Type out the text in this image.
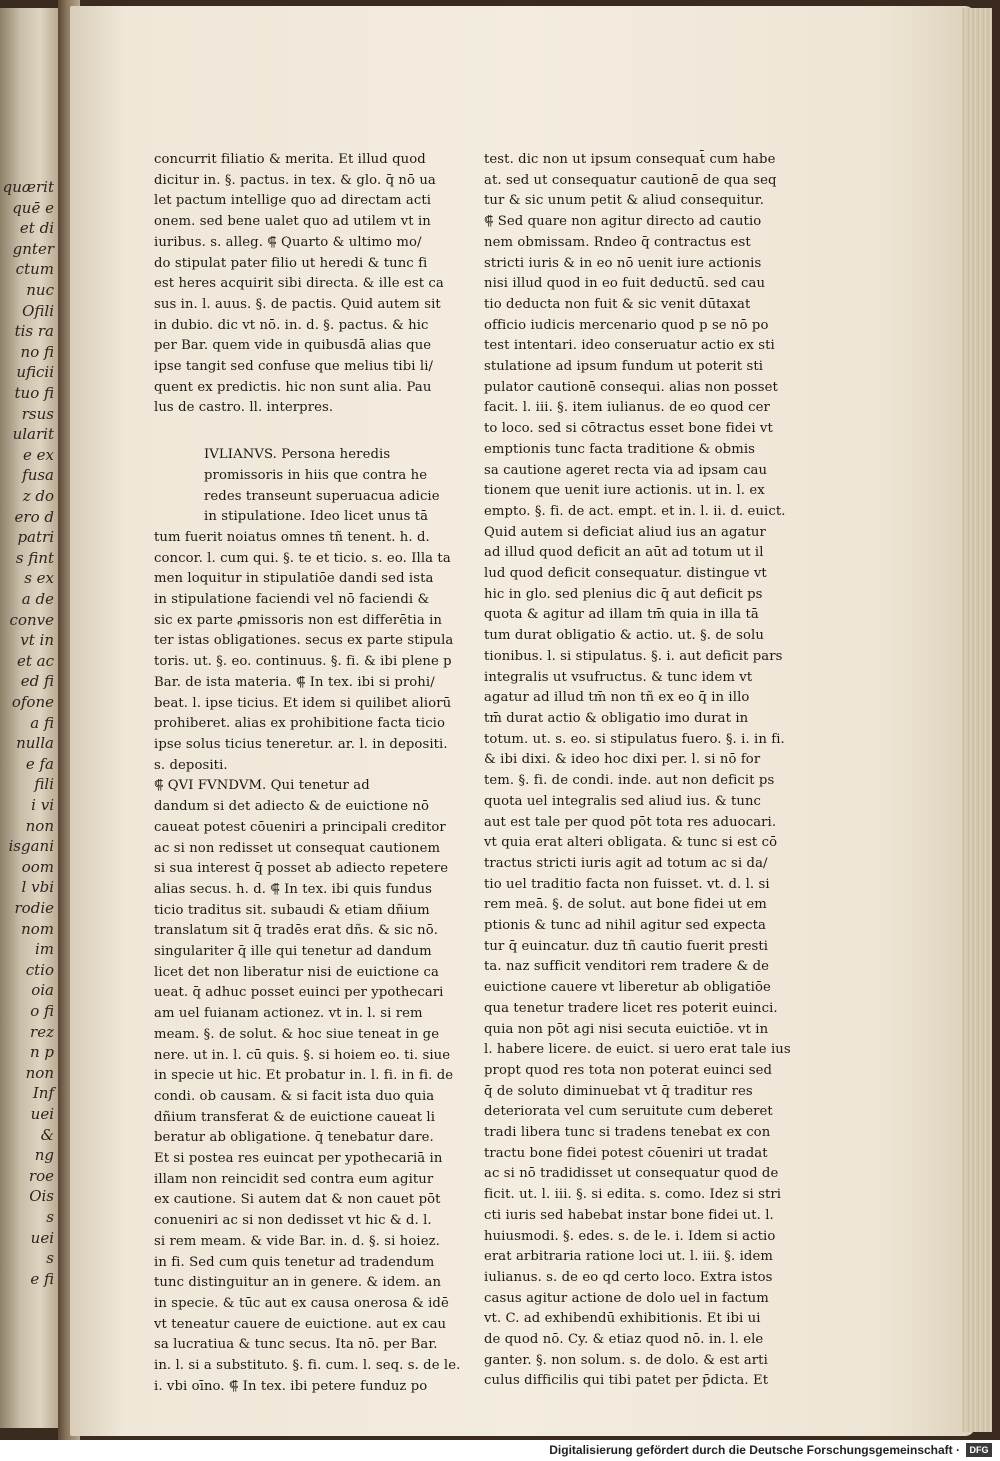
quærit
quē e
et di
gnter
ctum
nuc
Ofili
tis ra
no fi
uficii
tuo fi
rsus
ularit
e ex
fusa
z do
ero d
patri
s fint
s ex
a de
conve
vt in
et ac
ed fi
ofone
a fi
nulla
e fa
fili
i vi
non
isgani
oom
l vbi
rodie
nom
im
ctio
oia
o fi
rez
n p
non
Inf
uei
&
ng
roe
Ois
s
uei
s
e fi
concurrit filiatio & merita. Et illud quod
dicitur in. §. pactus. in tex. & glo. q̄ nō ua
let pactum intellige quo ad directam acti
onem. sed bene ualet quo ad utilem vt in
iuribus. s. alleg. ⸿ Quarto & ultimo mo/
do stipulat pater filio ut heredi & tunc fi
est heres acquirit sibi directa. & ille est ca
sus in. l. auus. §. de pactis. Quid autem sit
in dubio. dic vt nō. in. d. §. pactus. & hic
per Bar. quem vide in quibusdā alias que
ipse tangit sed confuse que melius tibi li/
quent ex predictis. hic non sunt alia. Pau
lus de castro. ll. interpres.
IVLIANVS. Persona heredis
promissoris in hiis que contra he
redes transeunt superuacua adicie
in stipulatione. Ideo licet unus tā
tum fuerit noiatus omnes tñ tenent. h. d.
concor. l. cum qui. §. te et ticio. s. eo. Illa ta
men loquitur in stipulatiōe dandi sed ista
in stipulatione faciendi vel nō faciendi &
sic ex parte ꝓmissoris non est differētia in
ter istas obligationes. secus ex parte stipula
toris. ut. §. eo. continuus. §. fi. & ibi plene p
Bar. de ista materia. ⸿ In tex. ibi si prohi/
beat. l. ipse ticius. Et idem si quilibet aliorū
prohiberet. alias ex prohibitione facta ticio
ipse solus ticius teneretur. ar. l. in depositi.
s. depositi.
⸿ QVI FVNDVM. Qui tenetur ad
dandum si det adiecto & de euictione nō
caueat potest cōueniri a principali creditor
ac si non redisset ut consequat cautionem
si sua interest q̄ posset ab adiecto repetere
alias secus. h. d. ⸿ In tex. ibi quis fundus
ticio traditus sit. subaudi & etiam dñium
translatum sit q̄ tradēs erat dñs. & sic nō.
singulariter q̄ ille qui tenetur ad dandum
licet det non liberatur nisi de euictione ca
ueat. q̄ adhuc posset euinci per ypothecari
am uel fuianam actionez. vt in. l. si rem
meam. §. de solut. & hoc siue teneat in ge
nere. ut in. l. cū quis. §. si hoiem eo. ti. siue
in specie ut hic. Et probatur in. l. fi. in fi. de
condi. ob causam. & si facit ista duo quia
dñium transferat & de euictione caueat li
beratur ab obligatione. q̄ tenebatur dare.
Et si postea res euincat per ypothecariā in
illam non reincidit sed contra eum agitur
ex cautione. Si autem dat & non cauet pōt
conueniri ac si non dedisset vt hic & d. l.
si rem meam. & vide Bar. in. d. §. si hoiez.
in fi. Sed cum quis tenetur ad tradendum
tunc distinguitur an in genere. & idem. an
in specie. & tūc aut ex causa onerosa & idē
vt teneatur cauere de euictione. aut ex cau
sa lucratiua & tunc secus. Ita nō. per Bar.
in. l. si a substituto. §. fi. cum. l. seq. s. de le.
i. vbi oīno. ⸿ In tex. ibi petere funduz po
test. dic non ut ipsum consequat̄ cum habe
at. sed ut consequatur cautionē de qua seq
tur & sic unum petit & aliud consequitur.
⸿ Sed quare non agitur directo ad cautio
nem obmissam. Rndeo q̄ contractus est
stricti iuris & in eo nō uenit iure actionis
nisi illud quod in eo fuit deductū. sed cau
tio deducta non fuit & sic venit dūtaxat
officio iudicis mercenario quod p se nō po
test intentari. ideo conseruatur actio ex sti
stulatione ad ipsum fundum ut poterit sti
pulator cautionē consequi. alias non posset
facit. l. iii. §. item iulianus. de eo quod cer
to loco. sed si cōtractus esset bone fidei vt
emptionis tunc facta traditione & obmis
sa cautione ageret recta via ad ipsam cau
tionem que uenit iure actionis. ut in. l. ex
empto. §. fi. de act. empt. et in. l. ii. d. euict.
Quid autem si deficiat aliud ius an agatur
ad illud quod deficit an aūt ad totum ut il
lud quod deficit consequatur. distingue vt
hic in glo. sed plenius dic q̄ aut deficit ps
quota & agitur ad illam tm̄ quia in illa tā
tum durat obligatio & actio. ut. §. de solu
tionibus. l. si stipulatus. §. i. aut deficit pars
integralis ut vsufructus. & tunc idem vt
agatur ad illud tm̄ non tñ ex eo q̄ in illo
tm̄ durat actio & obligatio imo durat in
totum. ut. s. eo. si stipulatus fuero. §. i. in fi.
& ibi dixi. & ideo hoc dixi per. l. si nō for
tem. §. fi. de condi. inde. aut non deficit ps
quota uel integralis sed aliud ius. & tunc
aut est tale per quod pōt tota res aduocari.
vt quia erat alteri obligata. & tunc si est cō
tractus stricti iuris agit ad totum ac si da/
tio uel traditio facta non fuisset. vt. d. l. si
rem meā. §. de solut. aut bone fidei ut em
ptionis & tunc ad nihil agitur sed expecta
tur q̄ euincatur. duz tñ cautio fuerit presti
ta. naz sufficit venditori rem tradere & de
euictione cauere vt liberetur ab obligatiōe
qua tenetur tradere licet res poterit euinci.
quia non pōt agi nisi secuta euictiōe. vt in
l. habere licere. de euict. si uero erat tale ius
propt quod res tota non poterat euinci sed
q̄ de soluto diminuebat vt q̄ traditur res
deteriorata vel cum seruitute cum deberet
tradi libera tunc si tradens tenebat ex con
tractu bone fidei potest cōueniri ut tradat
ac si nō tradidisset ut consequatur quod de
ficit. ut. l. iii. §. si edita. s. como. Idez si stri
cti iuris sed habebat instar bone fidei ut. l.
huiusmodi. §. edes. s. de le. i. Idem si actio
erat arbitraria ratione loci ut. l. iii. §. idem
iulianus. s. de eo qd certo loco. Extra istos
casus agitur actione de dolo uel in factum
vt. C. ad exhibendū exhibitionis. Et ibi ui
de quod nō. Cy. & etiaz quod nō. in. l. ele
ganter. §. non solum. s. de dolo. & est arti
culus difficilis qui tibi patet per p̄dicta. Et
Digitalisierung gefördert durch die Deutsche Forschungsgemeinschaft ·	DFG
